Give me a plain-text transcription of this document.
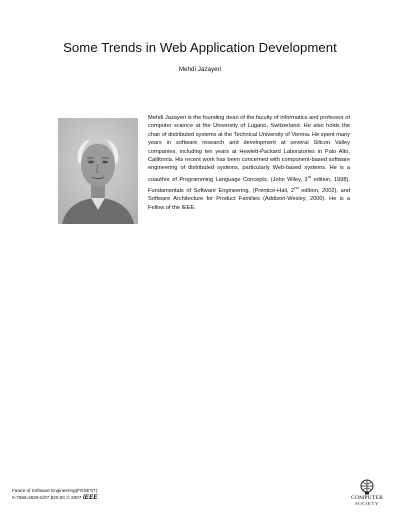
Some Trends in Web Application Development
Mehdi Jazayeri
Mehdi Jazayeri is the founding dean of the faculty of informatics and professor of computer science at the University of Lugano, Switzerland. He also holds the chair of distributed systems at the Technical University of Vienna. He spent many years in software research and development at several Silicon Valley companies, including ten years at Hewlett-Packard Laboratories in Palo Alto, California. His recent work has been concerned with component-based software engineering of distributed systems, particularly Web-based systems. He is a coauthor of Programming Language Concepts, (John Wiley, 3rd edition, 1998), Fundamentals of Software Engineering, (Prentice-Hall, 2nd edition, 2002), and Software Architecture for Product Families (Addison-Wesley, 2000). He is a Fellow of the IEEE.
Future of Software Engineering(FOSE'07)
0-7695-2829-5/07 $20.00 © 2007 IEEE	COMPUTER
SOCIETY
